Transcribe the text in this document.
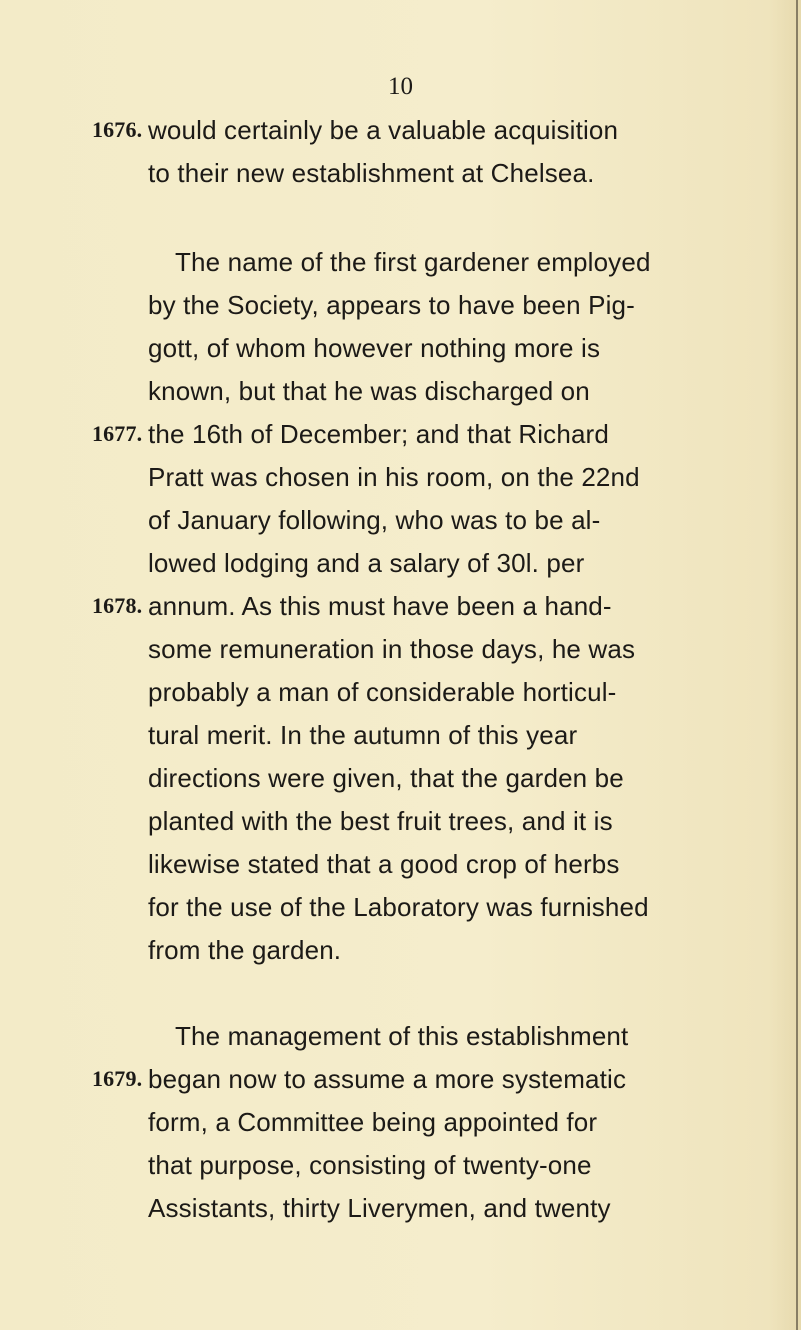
10
1676. would certainly be a valuable acquisition
to their new establishment at Chelsea.
The name of the first gardener employed
by the Society, appears to have been Pig-
gott, of whom however nothing more is
known, but that he was discharged on
1677. the 16th of December; and that Richard
Pratt was chosen in his room, on the 22nd
of January following, who was to be al-
lowed lodging and a salary of 30l. per
1678. annum. As this must have been a hand-
some remuneration in those days, he was
probably a man of considerable horticul-
tural merit. In the autumn of this year
directions were given, that the garden be
planted with the best fruit trees, and it is
likewise stated that a good crop of herbs
for the use of the Laboratory was furnished
from the garden.
The management of this establishment
1679. began now to assume a more systematic
form, a Committee being appointed for
that purpose, consisting of twenty-one
Assistants, thirty Liverymen, and twenty
